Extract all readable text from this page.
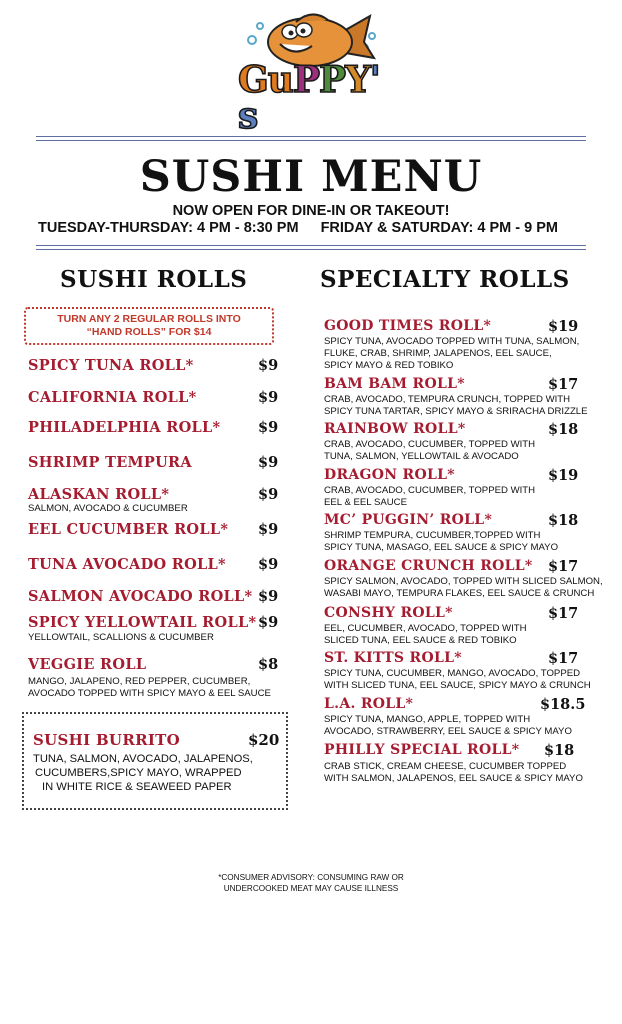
GuPPY's
SUSHI MENU
NOW OPEN FOR DINE-IN OR TAKEOUT!
TUESDAY-THURSDAY: 4 PM - 8:30 PM FRIDAY & SATURDAY: 4 PM - 9 PM
SUSHI ROLLS	SPECIALTY ROLLS
TURN ANY 2 REGULAR ROLLS INTO
“HAND ROLLS” FOR $14
SPICY TUNA ROLL*	$9
CALIFORNIA ROLL*	$9
PHILADELPHIA ROLL*	$9
SHRIMP TEMPURA	$9
ALASKAN ROLL*	$9
SALMON, AVOCADO & CUCUMBER
EEL CUCUMBER ROLL* $9
TUNA AVOCADO ROLL* $9
SALMON AVOCADO ROLL* $9
SPICY YELLOWTAIL ROLL* $9
YELLOWTAIL, SCALLIONS & CUCUMBER
VEGGIE ROLL	$8
MANGO, JALAPENO, RED PEPPER, CUCUMBER,
AVOCADO TOPPED WITH SPICY MAYO & EEL SAUCE
SUSHI BURRITO	$20
TUNA, SALMON, AVOCADO, JALAPENOS,
CUCUMBERS,SPICY MAYO, WRAPPED
IN WHITE RICE & SEAWEED PAPER
GOOD TIMES ROLL*	$19
SPICY TUNA, AVOCADO TOPPED WITH TUNA, SALMON,
FLUKE, CRAB, SHRIMP, JALAPENOS, EEL SAUCE,
SPICY MAYO & RED TOBIKO
BAM BAM ROLL*	$17
CRAB, AVOCADO, TEMPURA CRUNCH, TOPPED WITH
SPICY TUNA TARTAR, SPICY MAYO & SRIRACHA DRIZZLE
RAINBOW ROLL*	$18
CRAB, AVOCADO, CUCUMBER, TOPPED WITH
TUNA, SALMON, YELLOWTAIL & AVOCADO
DRAGON ROLL*	$19
CRAB, AVOCADO, CUCUMBER, TOPPED WITH
EEL & EEL SAUCE
MC’ PUGGIN’ ROLL*	$18
SHRIMP TEMPURA, CUCUMBER,TOPPED WITH
SPICY TUNA, MASAGO, EEL SAUCE & SPICY MAYO
ORANGE CRUNCH ROLL* $17
SPICY SALMON, AVOCADO, TOPPED WITH SLICED SALMON,
WASABI MAYO, TEMPURA FLAKES, EEL SAUCE & CRUNCH
CONSHY ROLL*	$17
EEL, CUCUMBER, AVOCADO, TOPPED WITH
SLICED TUNA, EEL SAUCE & RED TOBIKO
ST. KITTS ROLL*	$17
SPICY TUNA, CUCUMBER, MANGO, AVOCADO, TOPPED
WITH SLICED TUNA, EEL SAUCE, SPICY MAYO & CRUNCH
L.A. ROLL*	$18.5
SPICY TUNA, MANGO, APPLE, TOPPED WITH
AVOCADO, STRAWBERRY, EEL SAUCE & SPICY MAYO
PHILLY SPECIAL ROLL* $18
CRAB STICK, CREAM CHEESE, CUCUMBER TOPPED
WITH SALMON, JALAPENOS, EEL SAUCE & SPICY MAYO
*CONSUMER ADVISORY: CONSUMING RAW OR
UNDERCOOKED MEAT MAY CAUSE ILLNESS
